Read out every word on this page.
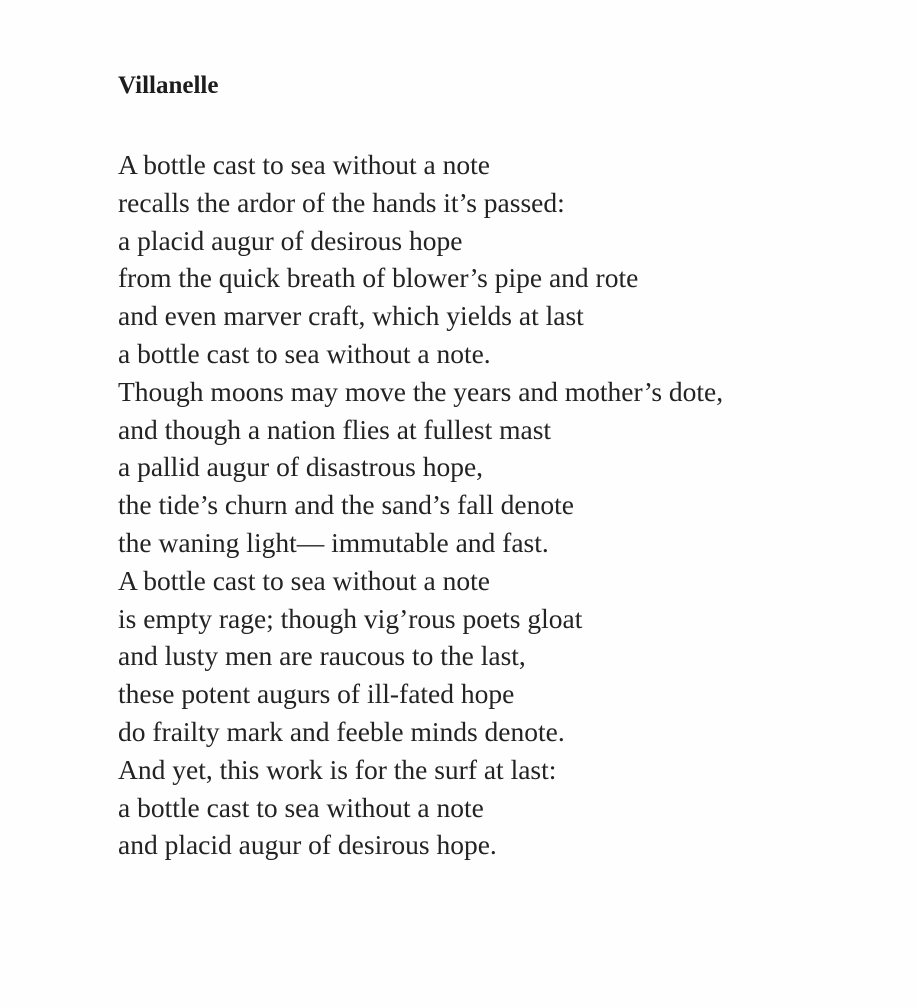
Villanelle
A bottle cast to sea without a note
recalls the ardor of the hands it’s passed:
a placid augur of desirous hope
from the quick breath of blower’s pipe and rote
and even marver craft, which yields at last
a bottle cast to sea without a note.
Though moons may move the years and mother’s dote,
and though a nation flies at fullest mast
a pallid augur of disastrous hope,
the tide’s churn and the sand’s fall denote
the waning light— immutable and fast.
A bottle cast to sea without a note
is empty rage; though vig’rous poets gloat
and lusty men are raucous to the last,
these potent augurs of ill-fated hope
do frailty mark and feeble minds denote.
And yet, this work is for the surf at last:
a bottle cast to sea without a note
and placid augur of desirous hope.
